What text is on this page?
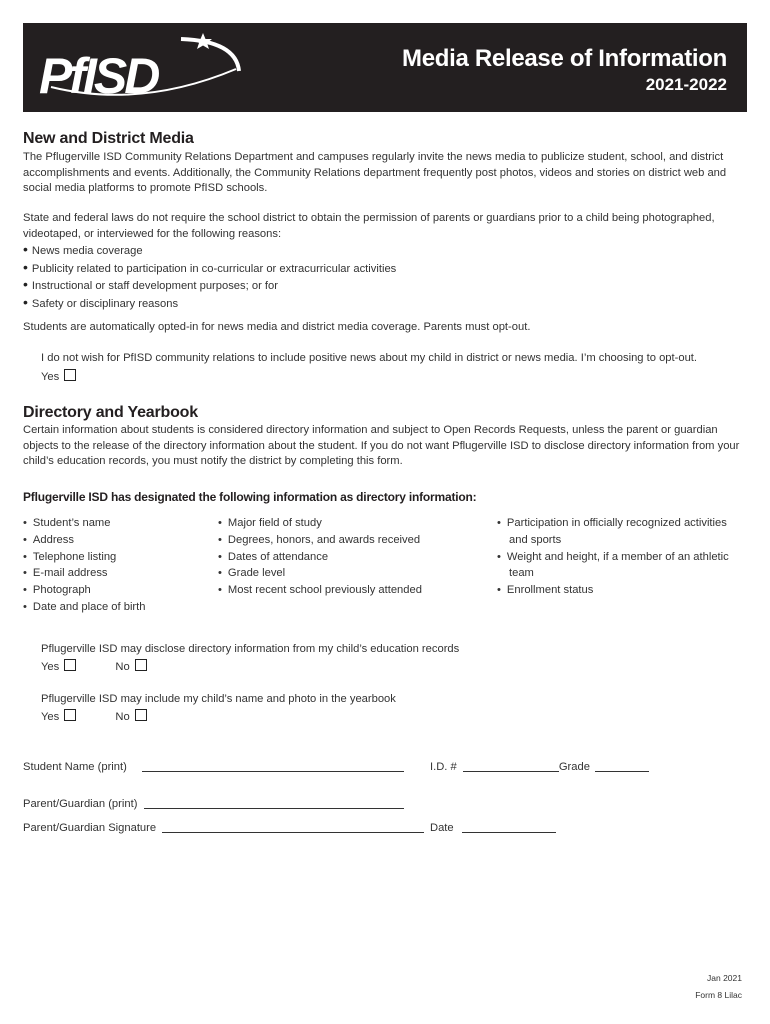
PfISD	Media Release of Information
2021-2022
New and District Media
The Pflugerville ISD Community Relations Department and campuses regularly invite the news media to publicize student, school, and district
accomplishments and events. Additionally, the Community Relations department frequently post photos, videos and stories on district web and
social media platforms to promote PfISD schools.
State and federal laws do not require the school district to obtain the permission of parents or guardians prior to a child being photographed,
videotaped, or interviewed for the following reasons:
• News media coverage
• Publicity related to participation in co-curricular or extracurricular activities
• Instructional or staff development purposes; or for
• Safety or disciplinary reasons
Students are automatically opted-in for news media and district media coverage. Parents must opt-out.
I do not wish for PfISD community relations to include positive news about my child in district or news media. I’m choosing to opt-out.
Yes
Directory and Yearbook
Certain information about students is considered directory information and subject to Open Records Requests, unless the parent or guardian
objects to the release of the directory information about the student. If you do not want Pflugerville ISD to disclose directory information from your
child’s education records, you must notify the district by completing this form.
Pflugerville ISD has designated the following information as directory information:
• Student’s name
• Address
• Telephone listing
• E-mail address
• Photograph
• Date and place of birth
• Major field of study
• Degrees, honors, and awards received
• Dates of attendance
• Grade level
• Most recent school previously attended
• Participation in officially recognized activities and sports
• Weight and height, if a member of an athletic team
• Enrollment status
Pflugerville ISD may disclose directory information from my child’s education records
Yes	No
Pflugerville ISD may include my child’s name and photo in the yearbook
Yes	No
Student Name (print)	I.D. #	Grade
Parent/Guardian (print)
Parent/Guardian Signature	Date
Jan 2021
Form 8 Lilac
